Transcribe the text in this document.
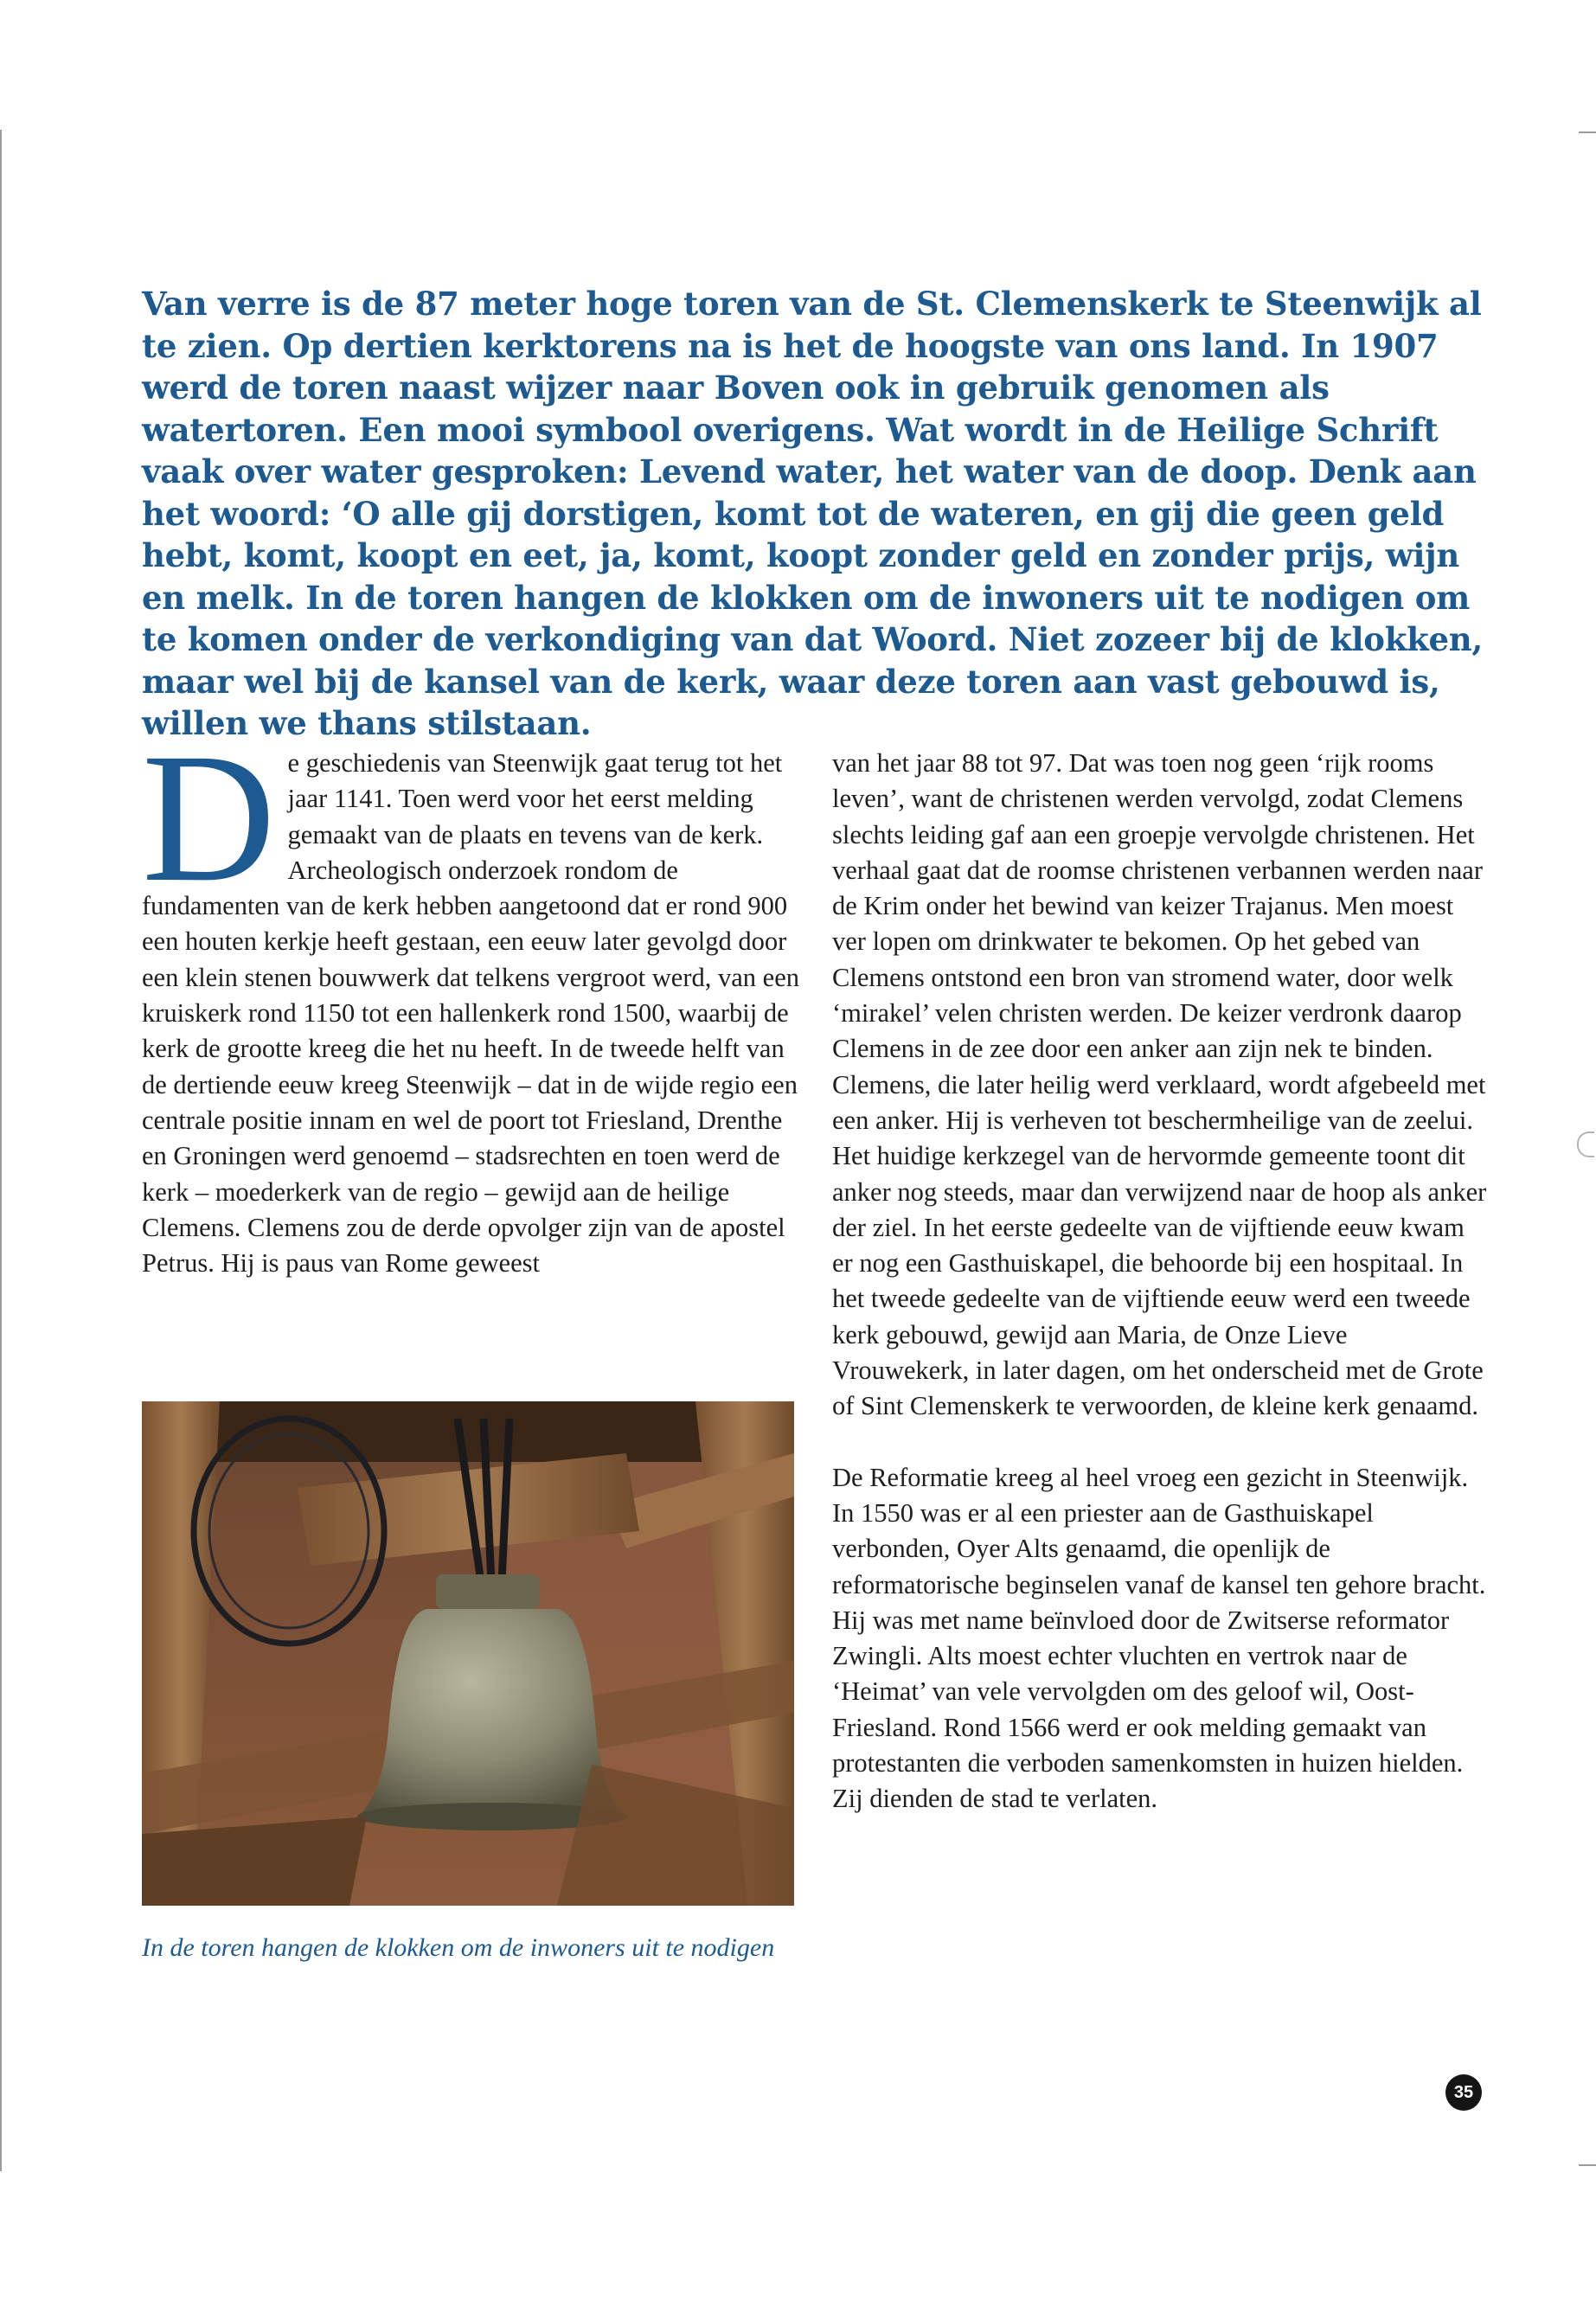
Van verre is de 87 meter hoge toren van de St. Clemenskerk te Steenwijk al te zien. Op dertien kerktorens na is het de hoogste van ons land. In 1907 werd de toren naast wijzer naar Boven ook in gebruik genomen als watertoren. Een mooi symbool overigens. Wat wordt in de Heilige Schrift vaak over water gesproken: Levend water, het water van de doop. Denk aan het woord: ‘O alle gij dorstigen, komt tot de wateren, en gij die geen geld hebt, komt, koopt en eet, ja, komt, koopt zonder geld en zonder prijs, wijn en melk. In de toren hangen de klokken om de inwoners uit te nodigen om te komen onder de verkondiging van dat Woord. Niet zozeer bij de klokken, maar wel bij de kansel van de kerk, waar deze toren aan vast gebouwd is, willen we thans stilstaan.

De geschiedenis van Steenwijk gaat terug tot het jaar 1141. Toen werd voor het eerst melding gemaakt van de plaats en tevens van de kerk. Archeologisch onderzoek rondom de fundamenten van de kerk hebben aangetoond dat er rond 900 een houten kerkje heeft gestaan, een eeuw later gevolgd door een klein stenen bouwwerk dat telkens vergroot werd, van een kruiskerk rond 1150 tot een hallenkerk rond 1500, waarbij de kerk de grootte kreeg die het nu heeft. In de tweede helft van de dertiende eeuw kreeg Steenwijk – dat in de wijde regio een centrale positie innam en wel de poort tot Friesland, Drenthe en Groningen werd genoemd – stadsrechten en toen werd de kerk – moederkerk van de regio – gewijd aan de heilige Clemens. Clemens zou de derde opvolger zijn van de apostel Petrus. Hij is paus van Rome geweest

In de toren hangen de klokken om de inwoners uit te nodigen

van het jaar 88 tot 97. Dat was toen nog geen ‘rijk rooms leven’, want de christenen werden vervolgd, zodat Clemens slechts leiding gaf aan een groepje vervolgde christenen. Het verhaal gaat dat de roomse christenen verbannen werden naar de Krim onder het bewind van keizer Trajanus. Men moest ver lopen om drinkwater te bekomen. Op het gebed van Clemens ontstond een bron van stromend water, door welk ‘mirakel’ velen christen werden. De keizer verdronk daarop Clemens in de zee door een anker aan zijn nek te binden. Clemens, die later heilig werd verklaard, wordt afgebeeld met een anker. Hij is verheven tot beschermheilige van de zeelui. Het huidige kerkzegel van de hervormde gemeente toont dit anker nog steeds, maar dan verwijzend naar de hoop als anker der ziel. In het eerste gedeelte van de vijftiende eeuw kwam er nog een Gasthuiskapel, die behoorde bij een hospitaal. In het tweede gedeelte van de vijftiende eeuw werd een tweede kerk gebouwd, gewijd aan Maria, de Onze Lieve Vrouwekerk, in later dagen, om het onderscheid met de Grote of Sint Clemenskerk te verwoorden, de kleine kerk genaamd.

De Reformatie kreeg al heel vroeg een gezicht in Steenwijk. In 1550 was er al een priester aan de Gasthuiskapel verbonden, Oyer Alts genaamd, die openlijk de reformatorische beginselen vanaf de kansel ten gehore bracht. Hij was met name beïnvloed door de Zwitserse reformator Zwingli. Alts moest echter vluchten en vertrok naar de ‘Heimat’ van vele vervolgden om des geloof wil, Oost-Friesland. Rond 1566 werd er ook melding gemaakt van protestanten die verboden samenkomsten in huizen hielden. Zij dienden de stad te verlaten.

35
